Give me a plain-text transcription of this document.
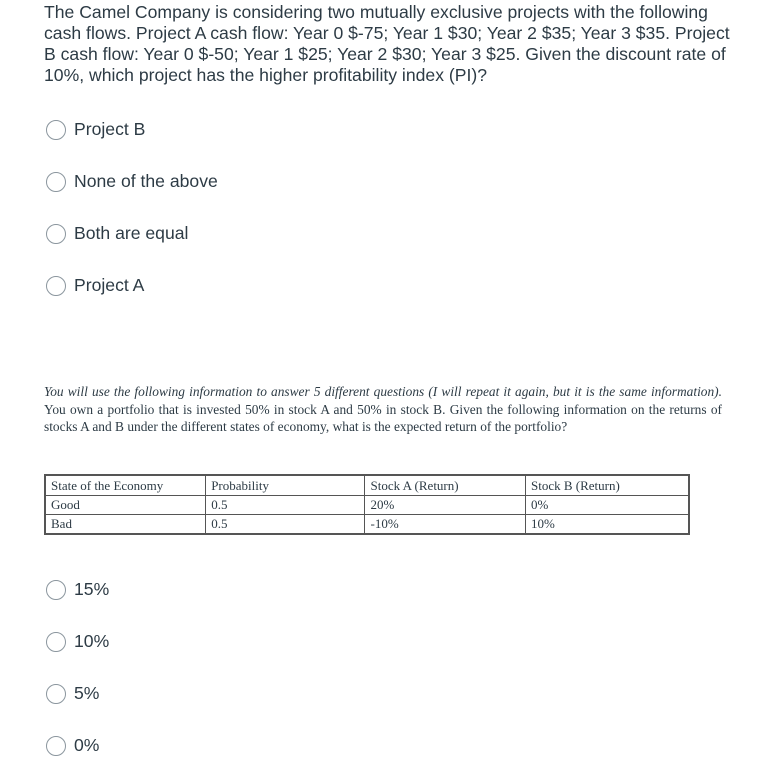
The Camel Company is considering two mutually exclusive projects with the following cash flows. Project A cash flow: Year 0 $-75; Year 1 $30; Year 2 $35; Year 3 $35. Project B cash flow: Year 0 $-50; Year 1 $25; Year 2 $30; Year 3 $25. Given the discount rate of 10%, which project has the higher profitability index (PI)?
Project B
None of the above
Both are equal
Project A
You will use the following information to answer 5 different questions (I will repeat it again, but it is the same information). You own a portfolio that is invested 50% in stock A and 50% in stock B. Given the following information on the returns of stocks A and B under the different states of economy, what is the expected return of the portfolio?
State of the Economy	Probability	Stock A (Return)	Stock B (Return)
Good	0.5	20%	0%
Bad	0.5	-10%	10%
15%
10%
5%
0%
